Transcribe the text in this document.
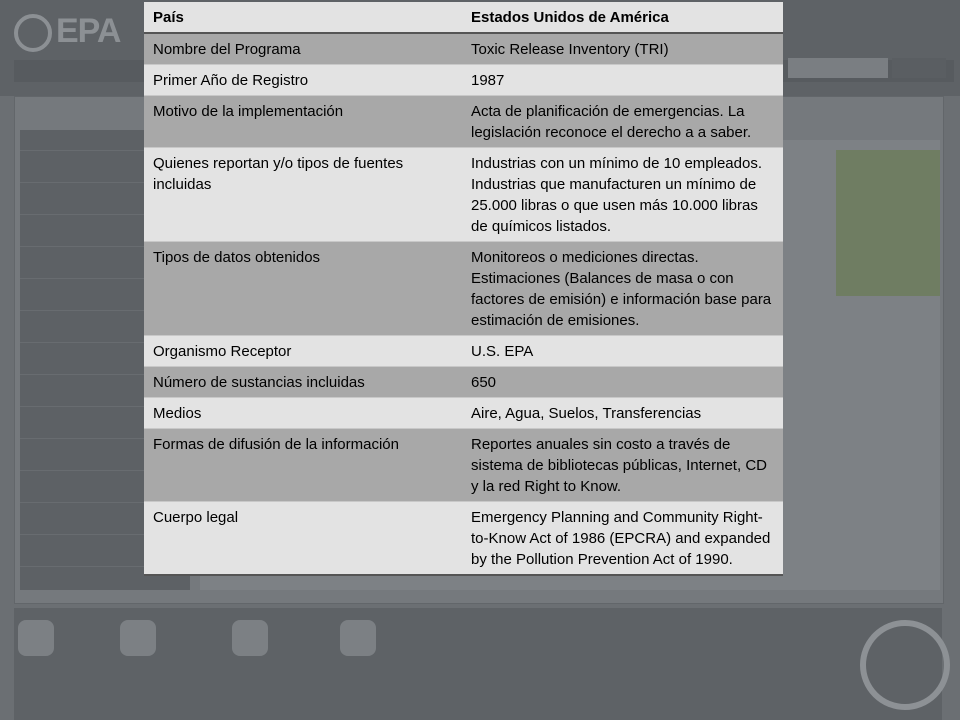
EPA País	Estados Unidos de América
Nombre del Programa	Toxic Release Inventory (TRI)
Primer Año de Registro	1987
Motivo de la implementación	Acta de planificación de emergencias. La legislación reconoce el derecho a a saber.
Quienes reportan y/o tipos de fuentes incluidas	Industrias con un mínimo de 10 empleados. Industrias que manufacturen un mínimo de 25.000 libras o que usen más 10.000 libras de químicos listados.
Tipos de datos obtenidos	Monitoreos o mediciones directas. Estimaciones (Balances de masa o con factores de emisión) e información base para estimación de emisiones.
Organismo Receptor	U.S. EPA
Número de sustancias incluidas	650
Medios	Aire, Agua, Suelos, Transferencias
Formas de difusión de la información	Reportes anuales sin costo a través de sistema de bibliotecas públicas, Internet, CD y la red Right to Know.
Cuerpo legal	Emergency Planning and Community Right-to-Know Act of 1986 (EPCRA) and expanded by the Pollution Prevention Act of 1990.
